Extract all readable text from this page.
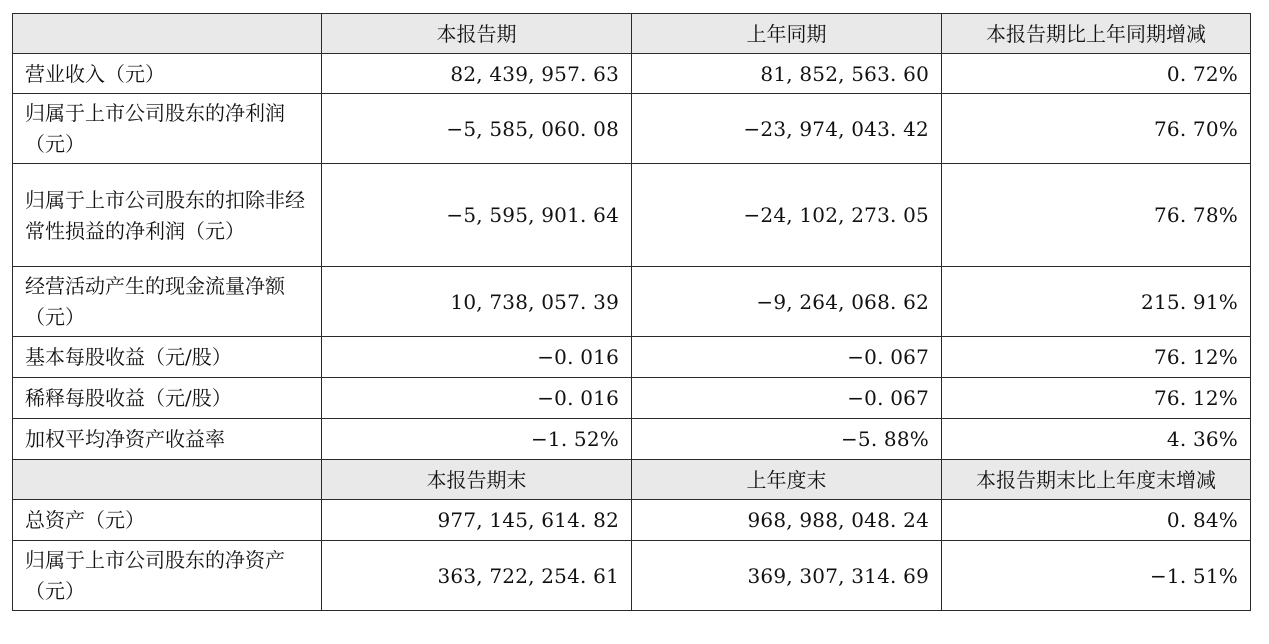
	本报告期	上年同期	本报告期比上年同期增减
营业收入（元）	82, 439, 957. 63	81, 852, 563. 60	0. 72%
归属于上市公司股东的净利润（元）	−5, 585, 060. 08	−23, 974, 043. 42	76. 70%
归属于上市公司股东的扣除非经常性损益的净利润（元）	−5, 595, 901. 64	−24, 102, 273. 05	76. 78%
经营活动产生的现金流量净额（元）	10, 738, 057. 39	−9, 264, 068. 62	215. 91%
基本每股收益（元/股）	−0. 016	−0. 067	76. 12%
稀释每股收益（元/股）	−0. 016	−0. 067	76. 12%
加权平均净资产收益率	−1. 52%	−5. 88%	4. 36%
	本报告期末	上年度末	本报告期末比上年度末增减
总资产（元）	977, 145, 614. 82	968, 988, 048. 24	0. 84%
归属于上市公司股东的净资产（元）	363, 722, 254. 61	369, 307, 314. 69	−1. 51%
